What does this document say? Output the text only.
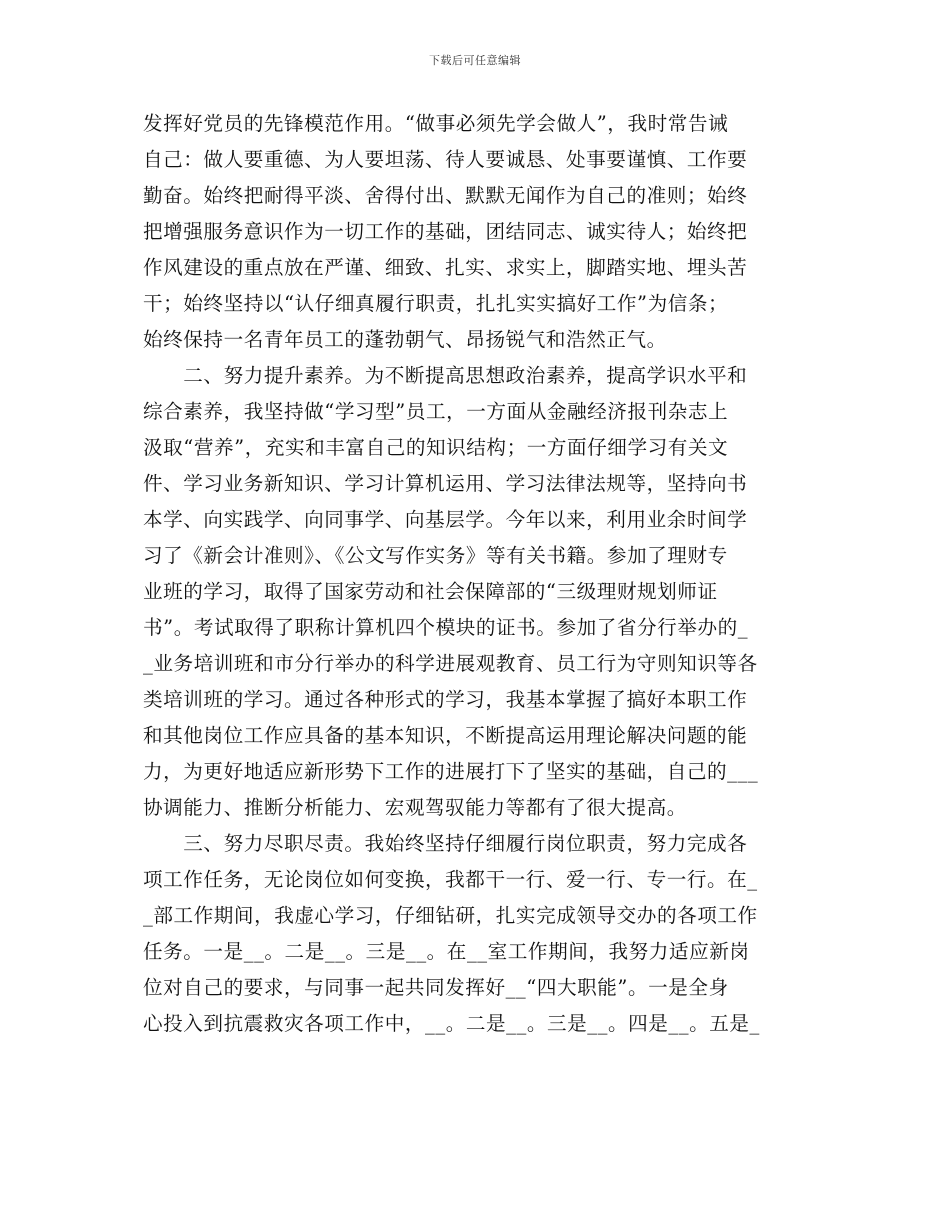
下载后可任意编辑
发挥好党员的先锋模范作用。“做事必须先学会做人”，我时常告诫
自己：做人要重德、为人要坦荡、待人要诚恳、处事要谨慎、工作要
勤奋。始终把耐得平淡、舍得付出、默默无闻作为自己的准则；始终
把增强服务意识作为一切工作的基础，团结同志、诚实待人；始终把
作风建设的重点放在严谨、细致、扎实、求实上，脚踏实地、埋头苦
干；始终坚持以“认仔细真履行职责，扎扎实实搞好工作”为信条；
始终保持一名青年员工的蓬勃朝气、昂扬锐气和浩然正气。
　　二、努力提升素养。为不断提高思想政治素养，提高学识水平和
综合素养，我坚持做“学习型”员工，一方面从金融经济报刊杂志上
汲取“营养”，充实和丰富自己的知识结构；一方面仔细学习有关文
件、学习业务新知识、学习计算机运用、学习法律法规等，坚持向书
本学、向实践学、向同事学、向基层学。今年以来，利用业余时间学
习了《新会计准则》、《公文写作实务》等有关书籍。参加了理财专
业班的学习，取得了国家劳动和社会保障部的“三级理财规划师证
书”。考试取得了职称计算机四个模块的证书。参加了省分行举办的_
_业务培训班和市分行举办的科学进展观教育、员工行为守则知识等各
类培训班的学习。通过各种形式的学习，我基本掌握了搞好本职工作
和其他岗位工作应具备的基本知识，不断提高运用理论解决问题的能
力，为更好地适应新形势下工作的进展打下了坚实的基础，自己的___
协调能力、推断分析能力、宏观驾驭能力等都有了很大提高。
　　三、努力尽职尽责。我始终坚持仔细履行岗位职责，努力完成各
项工作任务，无论岗位如何变换，我都干一行、爱一行、专一行。在_
_部工作期间，我虚心学习，仔细钻研，扎实完成领导交办的各项工作
任务。一是__。二是__。三是__。在__室工作期间，我努力适应新岗
位对自己的要求，与同事一起共同发挥好__“四大职能”。一是全身
心投入到抗震救灾各项工作中，__。二是__。三是__。四是__。五是_
